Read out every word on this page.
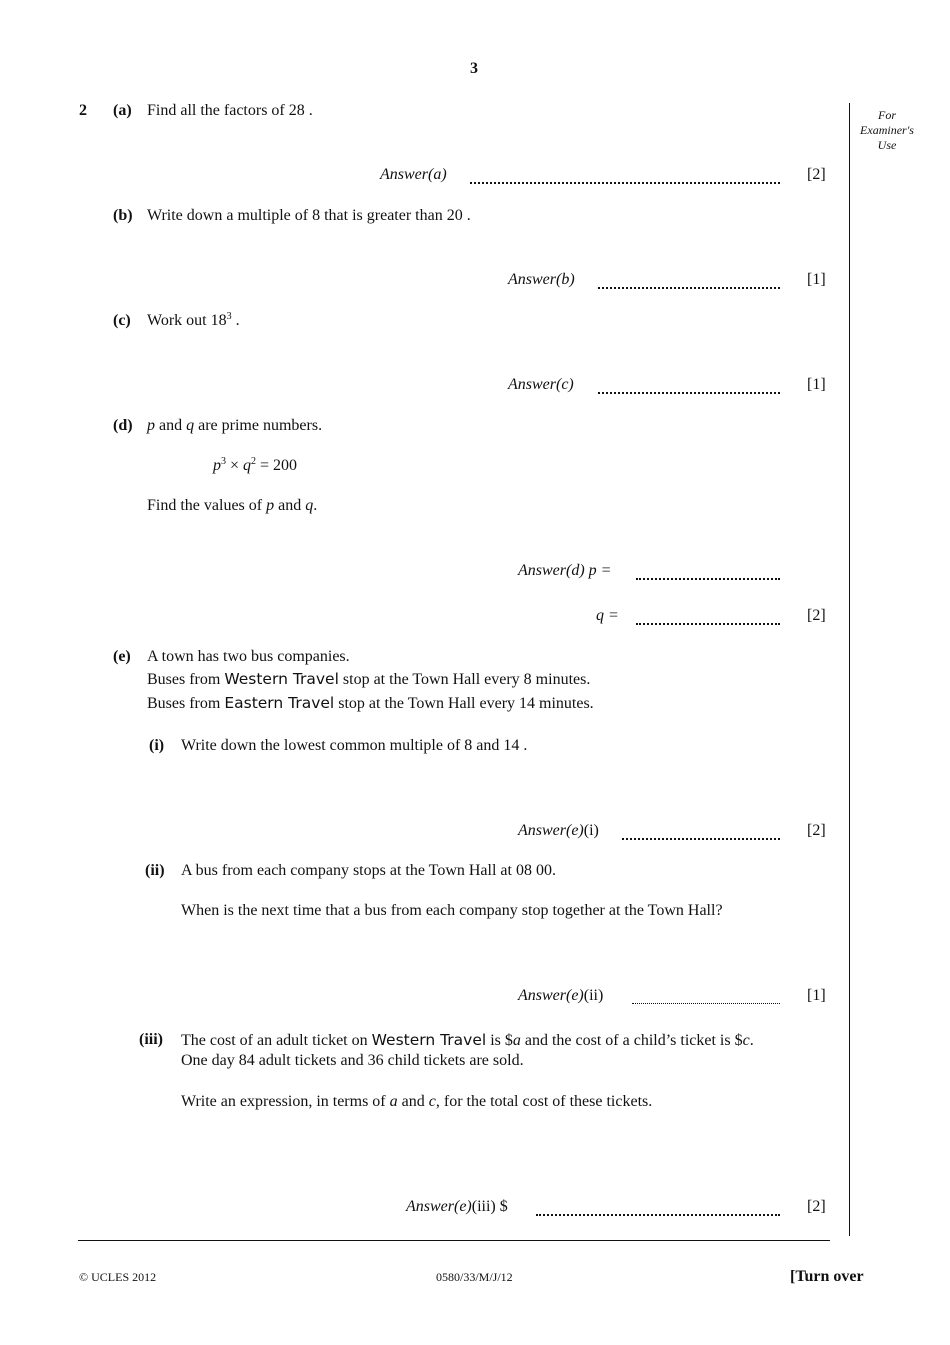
3
For
Examiner's
Use
2 (a) Find all the factors of 28 .
Answer(a)	[2]
(b) Write down a multiple of 8 that is greater than 20 .
Answer(b)	[1]
(c) Work out $18^3$ .
Answer(c)	[1]
(d) p and q are prime numbers.
$p^3 \times q^2 = 200$
Find the values of p and q.
Answer(d) p =
q =	[2]
(e) A town has two bus companies.
Buses from Western Travel stop at the Town Hall every 8 minutes.
Buses from Eastern Travel stop at the Town Hall every 14 minutes.
(i) Write down the lowest common multiple of 8 and 14 .
Answer(e)(i)	[2]
(ii) A bus from each company stops at the Town Hall at 08 00.
When is the next time that a bus from each company stop together at the Town Hall?
Answer(e)(ii)	[1]
(iii) The cost of an adult ticket on Western Travel is $a and the cost of a child’s ticket is $c.
One day 84 adult tickets and 36 child tickets are sold.
Write an expression, in terms of a and c, for the total cost of these tickets.
Answer(e)(iii) $	[2]
© UCLES 2012	0580/33/M/J/12	[Turn over
